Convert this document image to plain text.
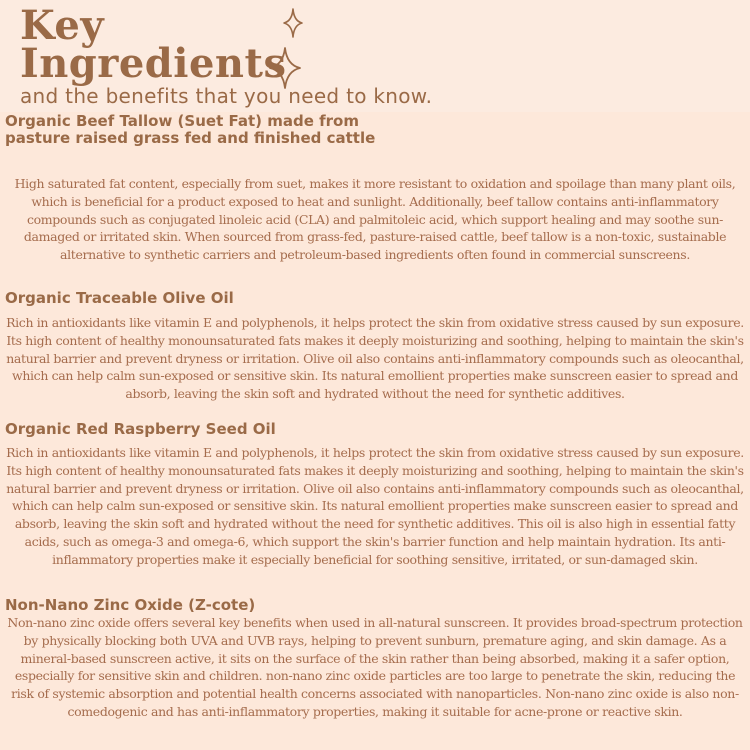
Key
Ingredients

and the benefits that you need to know.

Organic Beef Tallow (Suet Fat) made from pasture raised grass fed and finished cattle

High saturated fat content, especially from suet, makes it more resistant to oxidation and spoilage than many plant oils, which is beneficial for a product exposed to heat and sunlight. Additionally, beef tallow contains anti-inflammatory compounds such as conjugated linoleic acid (CLA) and palmitoleic acid, which support healing and may soothe sun-damaged or irritated skin. When sourced from grass-fed, pasture-raised cattle, beef tallow is a non-toxic, sustainable alternative to synthetic carriers and petroleum-based ingredients often found in commercial sunscreens.

Organic Traceable Olive Oil

Rich in antioxidants like vitamin E and polyphenols, it helps protect the skin from oxidative stress caused by sun exposure. Its high content of healthy monounsaturated fats makes it deeply moisturizing and soothing, helping to maintain the skin's natural barrier and prevent dryness or irritation. Olive oil also contains anti-inflammatory compounds such as oleocanthal, which can help calm sun-exposed or sensitive skin. Its natural emollient properties make sunscreen easier to spread and absorb, leaving the skin soft and hydrated without the need for synthetic additives.

Organic Red Raspberry Seed Oil

Rich in antioxidants like vitamin E and polyphenols, it helps protect the skin from oxidative stress caused by sun exposure. Its high content of healthy monounsaturated fats makes it deeply moisturizing and soothing, helping to maintain the skin's natural barrier and prevent dryness or irritation. Olive oil also contains anti-inflammatory compounds such as oleocanthal, which can help calm sun-exposed or sensitive skin. Its natural emollient properties make sunscreen easier to spread and absorb, leaving the skin soft and hydrated without the need for synthetic additives. This oil is also high in essential fatty acids, such as omega-3 and omega-6, which support the skin's barrier function and help maintain hydration. Its anti-inflammatory properties make it especially beneficial for soothing sensitive, irritated, or sun-damaged skin.

Non-Nano Zinc Oxide (Z-cote)

Non-nano zinc oxide offers several key benefits when used in all-natural sunscreen. It provides broad-spectrum protection by physically blocking both UVA and UVB rays, helping to prevent sunburn, premature aging, and skin damage. As a mineral-based sunscreen active, it sits on the surface of the skin rather than being absorbed, making it a safer option, especially for sensitive skin and children. non-nano zinc oxide particles are too large to penetrate the skin, reducing the risk of systemic absorption and potential health concerns associated with nanoparticles. Non-nano zinc oxide is also non-comedogenic and has anti-inflammatory properties, making it suitable for acne-prone or reactive skin.
